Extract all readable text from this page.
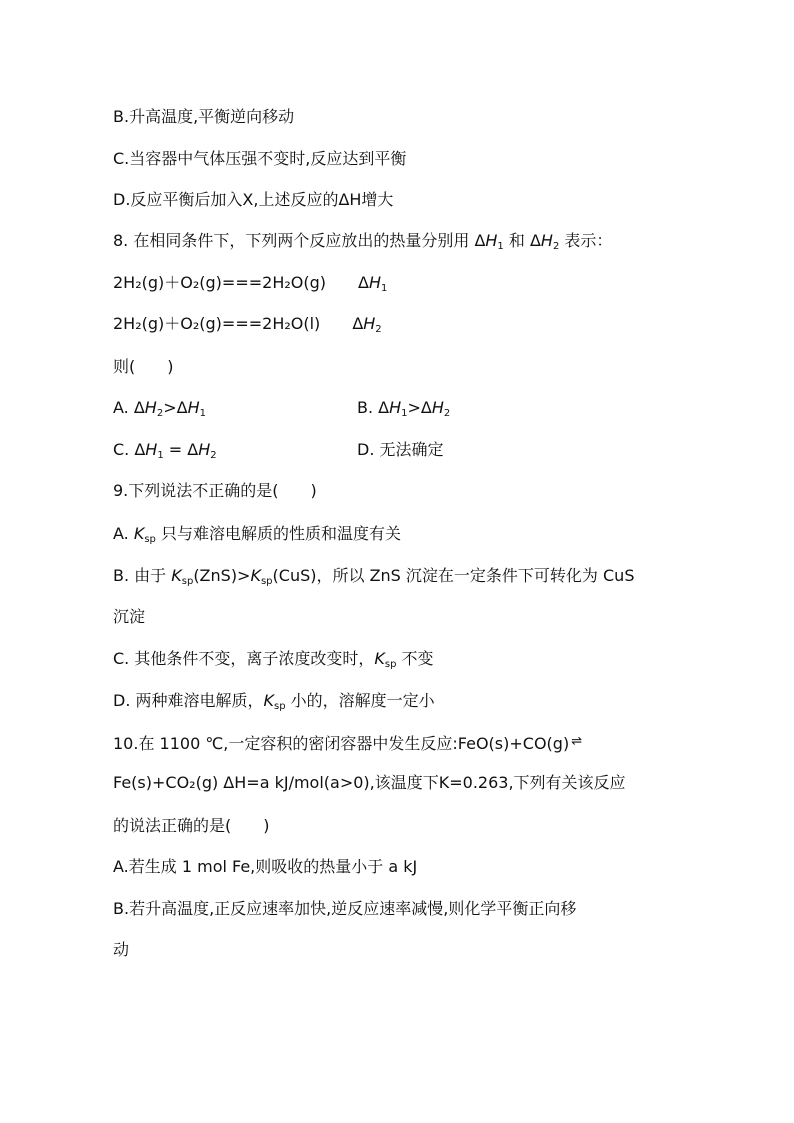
B.升高温度,平衡逆向移动
C.当容器中气体压强不变时,反应达到平衡
D.反应平衡后加入X,上述反应的ΔH增大
8. 在相同条件下，下列两个反应放出的热量分别用 $\Delta H_1$ 和 $\Delta H_2$ 表示：
2H₂(g)＋O₂(g)===2H₂O(g)　　 $\Delta H_1$
2H₂(g)＋O₂(g)===2H₂O(l)　　 $\Delta H_2$
则(　　)
A. $\Delta H_2>\Delta H_1$	B. $\Delta H_1>\Delta H_2$
C. $\Delta H_1 = \Delta H_2$	D. 无法确定
9.下列说法不正确的是(　　)
A. $K_{sp}$ 只与难溶电解质的性质和温度有关
B. 由于 $K_{sp}(ZnS)>K_{sp}(CuS)$，所以 ZnS 沉淀在一定条件下可转化为 CuS
沉淀
C. 其他条件不变，离子浓度改变时，$K_{sp}$ 不变
D. 两种难溶电解质，$K_{sp}$ 小的，溶解度一定小
10.在 1100 ℃,一定容积的密闭容器中发生反应:FeO(s)+CO(g) ⇌
Fe(s)+CO₂(g) ΔH=a kJ/mol(a>0),该温度下K=0.263,下列有关该反应
的说法正确的是(　　)
A.若生成 1 mol Fe,则吸收的热量小于 a kJ
B.若升高温度,正反应速率加快,逆反应速率减慢,则化学平衡正向移
动
